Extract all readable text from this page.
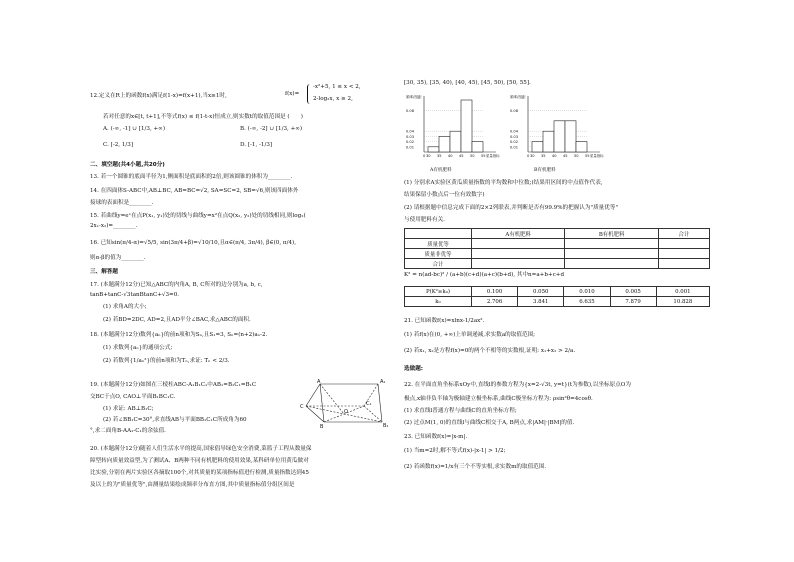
12.定义在R上的函数f(x)满足f(1-x)=f(x+1),当x≥1时,	f(x)=
-x²+5, 1 ≤ x < 2,
2-log₂x, x ≥ 2,
若对任意的x∈[t, t+1],不等式f(x) ≤ f(1-t-x)恒成立,则实数t的取值范围是 (　　)
A. (-∞, -1] ∪ [1/3, +∞)	B. (-∞, -2] ∪ [1/3, +∞)
C. [-2, 1/3]	D. [-1, -1/3]
二、填空题(共4小题,共20分)
13. 若一个圆锥的底面半径为1,侧面积是底面积的2倍,则该圆锥的体积为________.
14. 在四面体S-ABC中,AB⊥BC, AB=BC=√2, SA=SC=2, SB=√6,则该四面体外
接球的表面积是________.
15. 若曲线y=eˣ在点P(x₁, y₁)处的切线与曲线y=x²在点Q(x₂, y₂)处的切线相同,则log₂(
2x₁-x₂)=________.
16. 已知sin(π/4-α)=√5/5, sin(3π/4+β)=√10/10,且α∈(π/4, 3π/4), β∈(0, π/4),
则α-β的值为________.
三、解答题
17. (本题满分12分)已知△ABC的内角A, B, C所对的边分别为a, b, c,
tanB+tanC-√3tanBtanC+√3=0.
(1) 求角A的大小;
(2) 若BD=2DC, AD=2,且AD平分∠BAC,求△ABC的面积.
18. (本题满分12分)数列{aₙ}的前n项和为Sₙ,且S₁=3, Sₙ=(n+2)aₙ-2.
(1) 求数列{aₙ}的通项公式;
(2) 若数列{1/aₙ²}的前n项和为Tₙ,求证: Tₙ < 2/3.
19. (本题满分12分)如图在三棱柱ABC-A₁B₁C₁中AB₁=B₁C₁=B₁C
交BC于点O, CAO⊥平面B₁BC₁C.
(1) 求证: AB⊥B₁C;
(2) 若∠BB₁C=30°,求直线AB与平面BB₁C₁C所成角为60
°,求二面角B-AA₁-C₁的余弦值.
A	A₁
C	C₁
B	B₁
O
20. (本题满分12分)随着人们生活水平的提高,国家倡导绿色安全消费,菜篮子工程从数量保
障型转向质量效益型,为了测试A、B两种不同有机肥料的使用效果,某科研单位用黄瓜做对
比实验,分别在两片实验区各摘取100个,对其质量的某项指标值进行检测,质量指数达到45
及以上的为"质量优等",由测量结果绘成频率分布直方图,其中质量指标值分组区间是
[30, 35), [35, 40), [40, 45), [45, 50), [50, 55].
频率/组距
0.08
0.04
0.03
0.02
0.01
0 30 35 40 45 50 55 质量指标
A有机肥料
频率/组距
0.08
0.04
0.03
0.02
0.01
0 30 35 40 45 50 55 质量指标
B有机肥料
(1) 分别求A实验区黄瓜质量指数的平均数和中位数;(结果用区间的中点值作代表,
结果保留小数点后一位有效数字)
(2) 请根据题中信息完成下面的2×2列联表,并判断是否有99.9%的把握认为"质量优等"
与使用肥料有关.
	A有机肥料	B有机肥料	合计
质量优等			
质量非优等			
合计			
K² = n(ad-bc)² / (a+b)(c+d)(a+c)(b+d), 其中n=a+b+c+d
P(K²≥k₀)	0.100	0.050	0.010	0.005	0.001
k₀	2.706	3.841	6.635	7.879	10.828
21. 已知函数f(x)=xlnx-1/2ax².
(1) 若f(x)在(0, +∞)上单调递减,求实数a的取值范围;
(2) 若x₁, x₂是方程f(x)=0的两个不相等的实数根,证明: x₁+x₂ > 2/a.
选做题:
22. 在平面直角坐标系xOy中,直线l的参数方程为{x=2-√3t, y=t}(t为参数),以坐标原点O为
极点,x轴非负半轴为极轴建立极坐标系,曲线C极坐标方程为: ρsin²θ=4cosθ.
(1) 求直线l普通方程与曲线C的直角坐标方程;
(2) 过点M(1, 0)的直线l与曲线C相交于A, B两点,求|AM|·|BM|的值.
23. 已知函数f(x)=|x-m|.
(1) 当m=2时,解不等式f(x)-|x-1| > 1/2;
(2) 若函数f(x)=1/x有三个不等实根,求实数m的取值范围.
